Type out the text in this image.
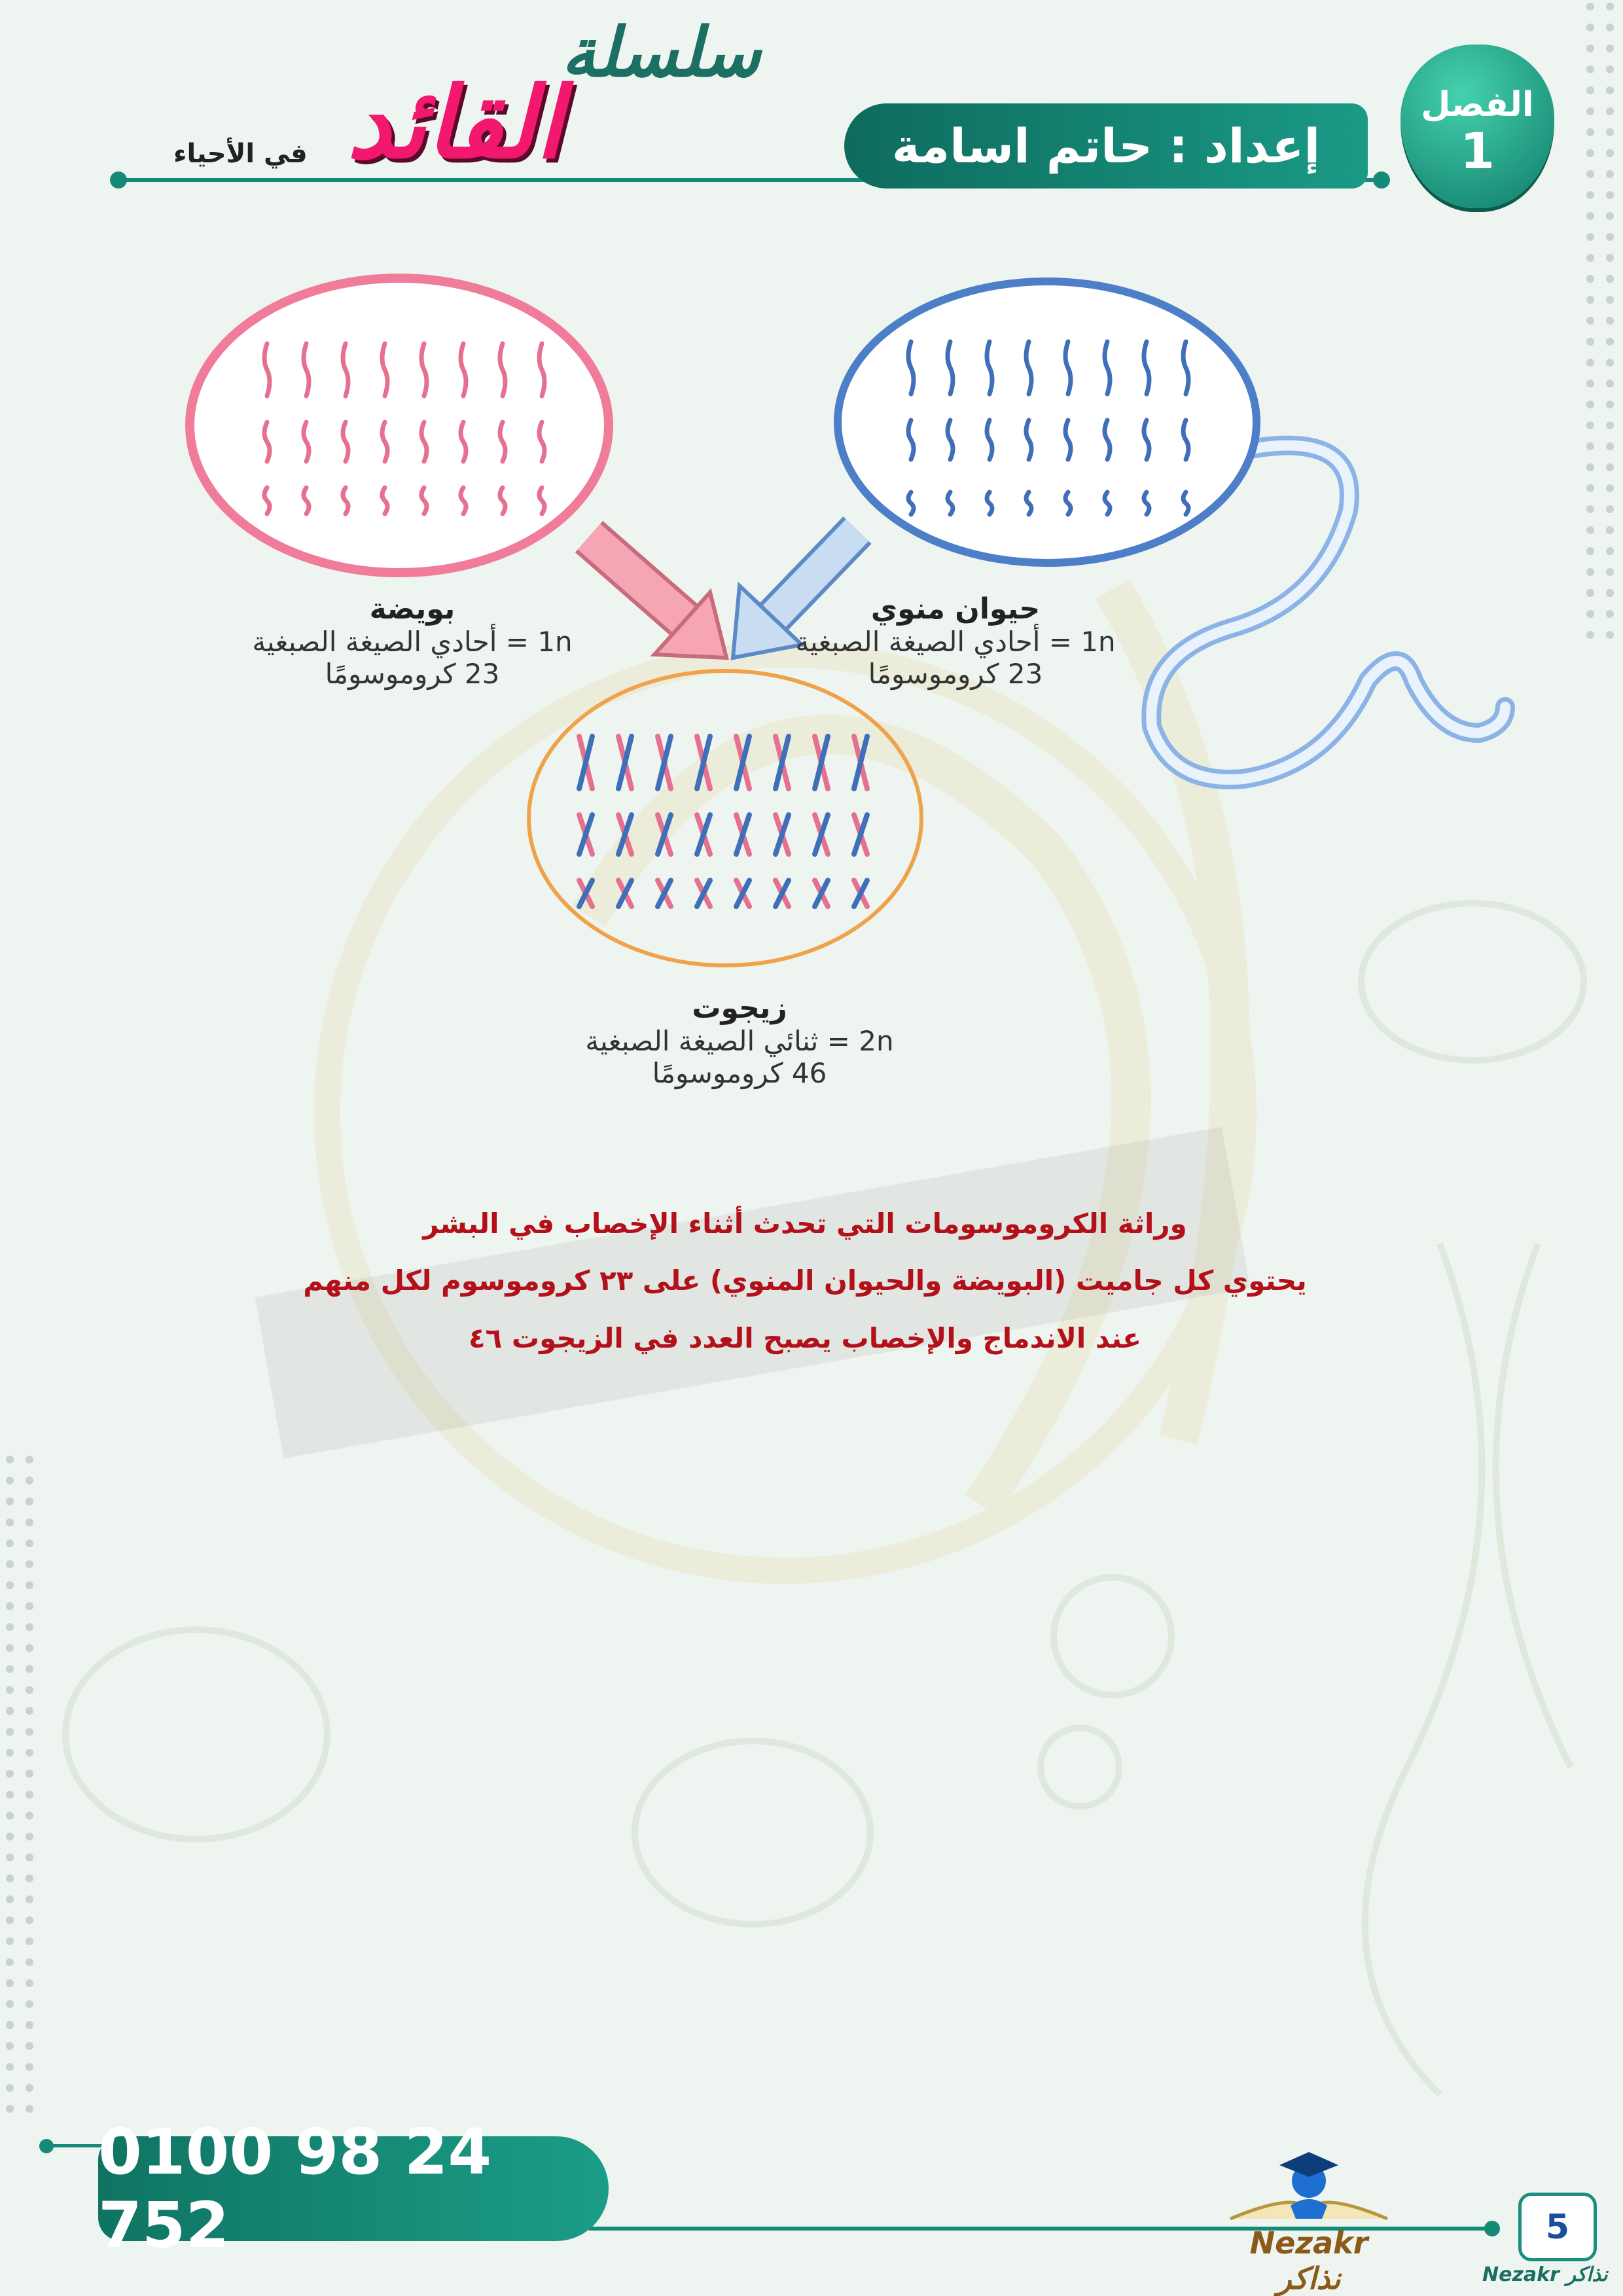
إعداد : حاتم اسامة
الفصل
1
سلسلة
القائد
في الأحياء
بويضة
1n = أحادي الصيغة الصبغية
23 كروموسومًا
حيوان منوي
1n = أحادي الصيغة الصبغية
23 كروموسومًا
زيجوت
2n = ثنائي الصيغة الصبغية
46 كروموسومًا
وراثة الكروموسومات التي تحدث أثناء الإخصاب في البشر
يحتوي كل جاميت (البويضة والحيوان المنوي) على ٢٣ كروموسوم لكل منهم
عند الاندماج والإخصاب يصبح العدد في الزيجوت ٤٦
0100 98 24 752	Nezakr نذاكر
5
Nezakr نذاكر
